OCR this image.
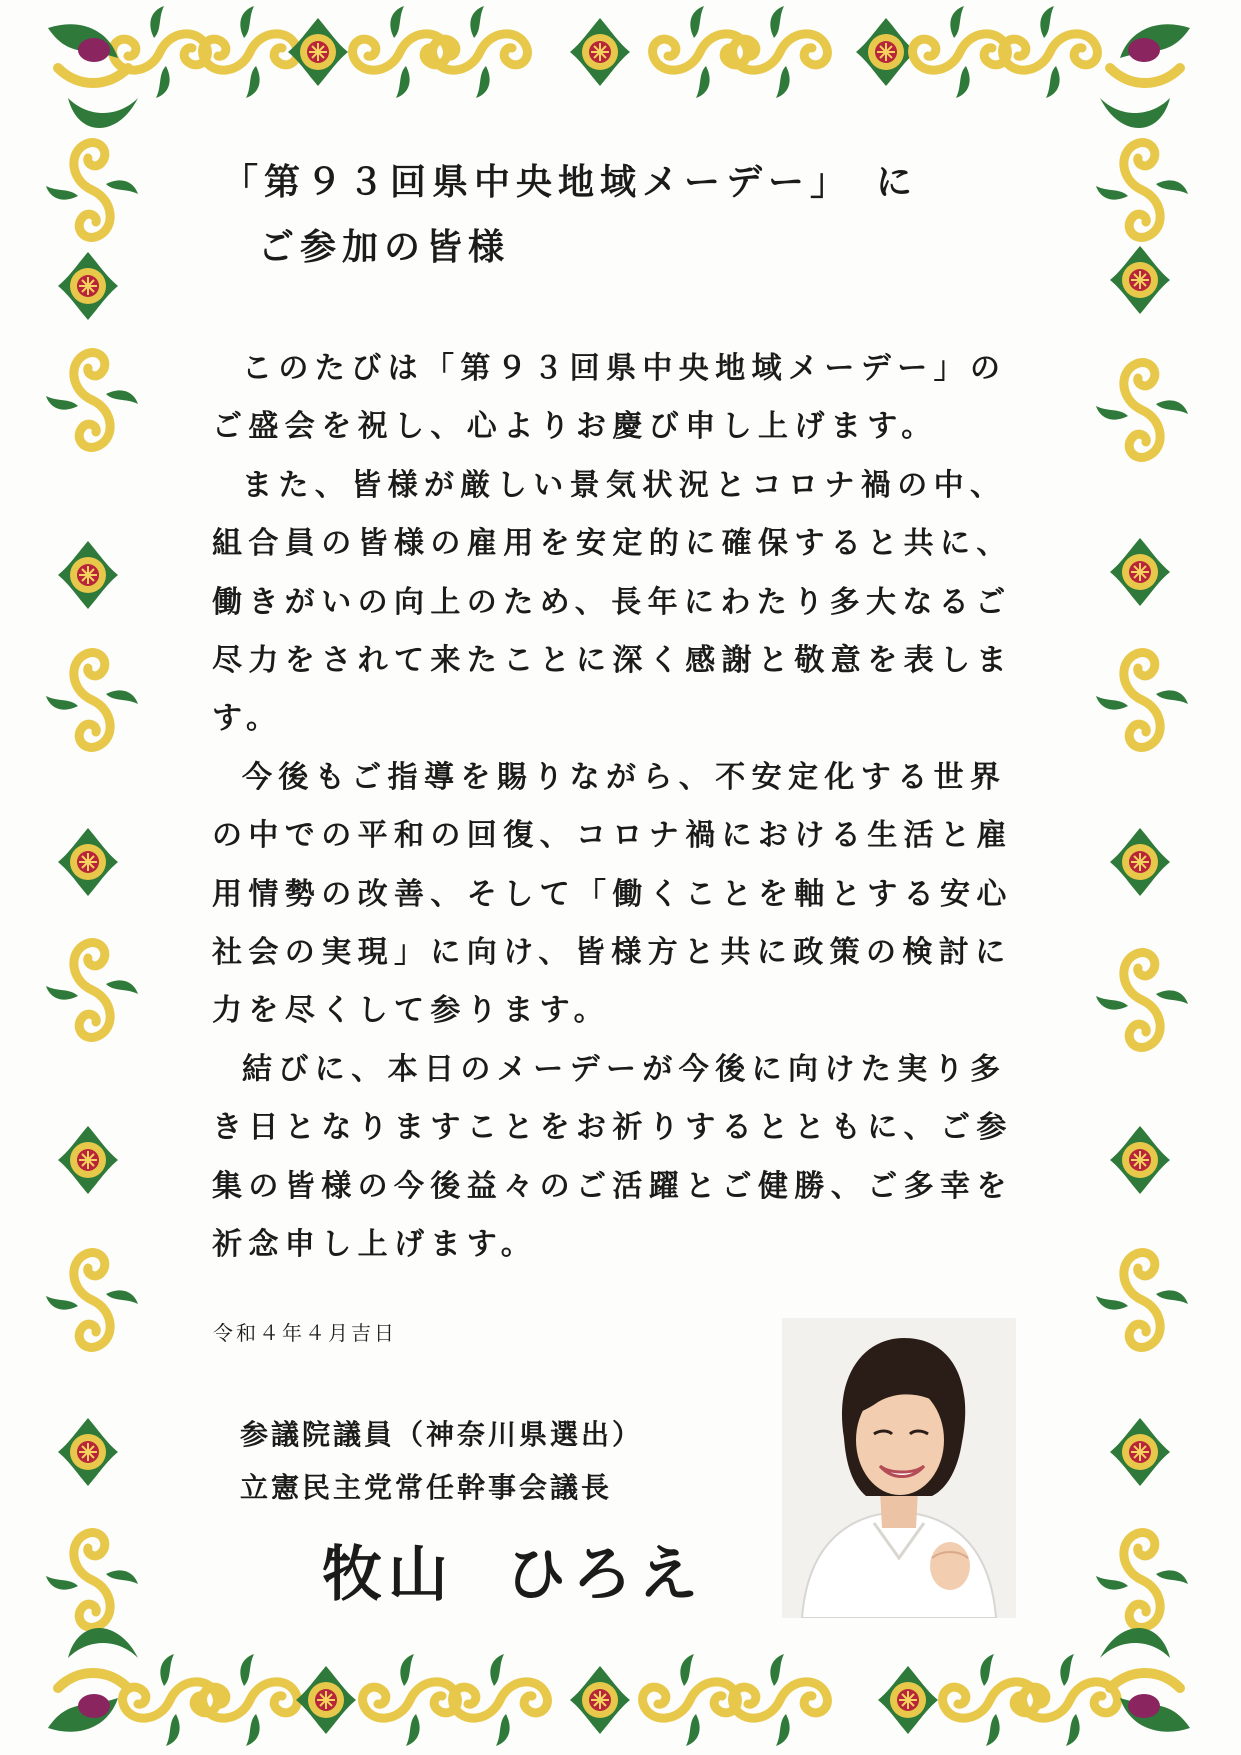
「第９３回県中央地域メーデー」　に
ご参加の皆様

このたびは「第９３回県中央地域メーデー」のご盛会を祝し、心よりお慶び申し上げます。

また、皆様が厳しい景気状況とコロナ禍の中、組合員の皆様の雇用を安定的に確保すると共に、働きがいの向上のため、長年にわたり多大なるご尽力をされて来たことに深く感謝と敬意を表します。

今後もご指導を賜りながら、不安定化する世界の中での平和の回復、コロナ禍における生活と雇用情勢の改善、そして「働くことを軸とする安心社会の実現」に向け、皆様方と共に政策の検討に力を尽くして参ります。

結びに、本日のメーデーが今後に向けた実り多き日となりますことをお祈りするとともに、ご参集の皆様の今後益々のご活躍とご健勝、ご多幸を祈念申し上げます。

令和４年４月吉日
参議院議員（神奈川県選出）
立憲民主党常任幹事会議長
牧山 ひろえ
